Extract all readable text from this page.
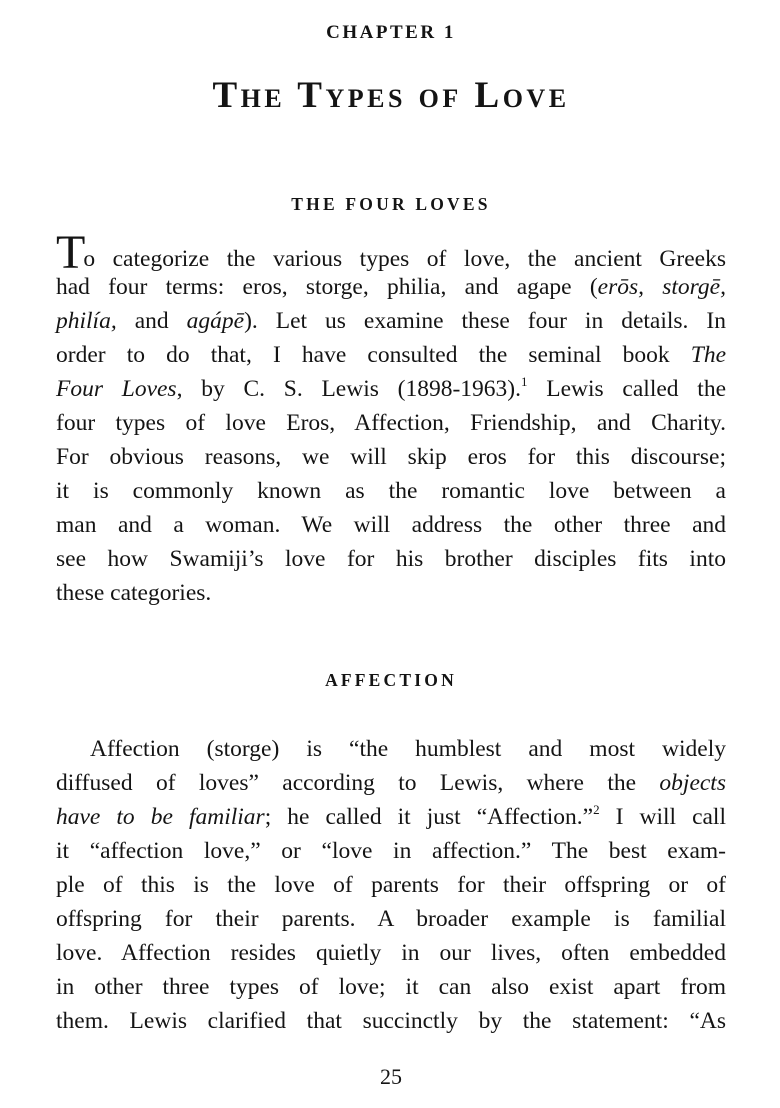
CHAPTER 1
The Types of Love
THE FOUR LOVES
To categorize the various types of love, the ancient Greeks
had four terms: eros, storge, philia, and agape (erōs, storgē,
philía, and agápē). Let us examine these four in details. In
order to do that, I have consulted the seminal book The
Four Loves, by C. S. Lewis (1898-1963).$^1$ Lewis called the
four types of love Eros, Affection, Friendship, and Charity.
For obvious reasons, we will skip eros for this discourse;
it is commonly known as the romantic love between a
man and a woman. We will address the other three and
see how Swamiji’s love for his brother disciples fits into
these categories.
AFFECTION
Affection (storge) is “the humblest and most widely
diffused of loves” according to Lewis, where the objects
have to be familiar; he called it just “Affection.”$^2$ I will call
it “affection love,” or “love in affection.” The best exam-
ple of this is the love of parents for their offspring or of
offspring for their parents. A broader example is familial
love. Affection resides quietly in our lives, often embedded
in other three types of love; it can also exist apart from
them. Lewis clarified that succinctly by the statement: “As
25
